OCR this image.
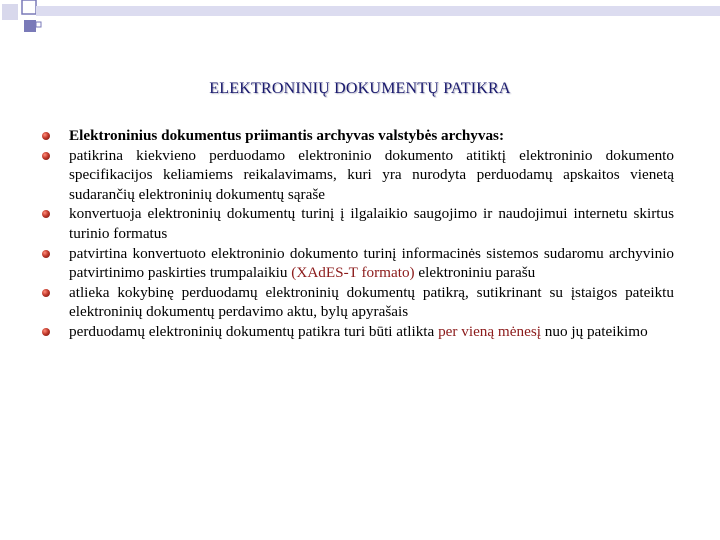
ELEKTRONINIŲ DOKUMENTŲ PATIKRA
Elektroninius dokumentus priimantis archyvas valstybės archyvas:
patikrina kiekvieno perduodamo elektroninio dokumento atitiktį elektroninio dokumento specifikacijos keliamiems reikalavimams, kuri yra nurodyta perduodamų apskaitos vienetą sudarančių elektroninių dokumentų sąraše
konvertuoja elektroninių dokumentų turinį į ilgalaikio saugojimo ir naudojimui internetu skirtus turinio formatus
patvirtina konvertuoto elektroninio dokumento turinį informacinės sistemos sudaromu archyvinio patvirtinimo paskirties trumpalaikiu (XAdES-T formato) elektroniniu parašu
atlieka kokybinę perduodamų elektroninių dokumentų patikrą, sutikrinant su įstaigos pateiktu elektroninių dokumentų perdavimo aktu, bylų apyrašais
perduodamų elektroninių dokumentų patikra turi būti atlikta per vieną mėnesį nuo jų pateikimo
